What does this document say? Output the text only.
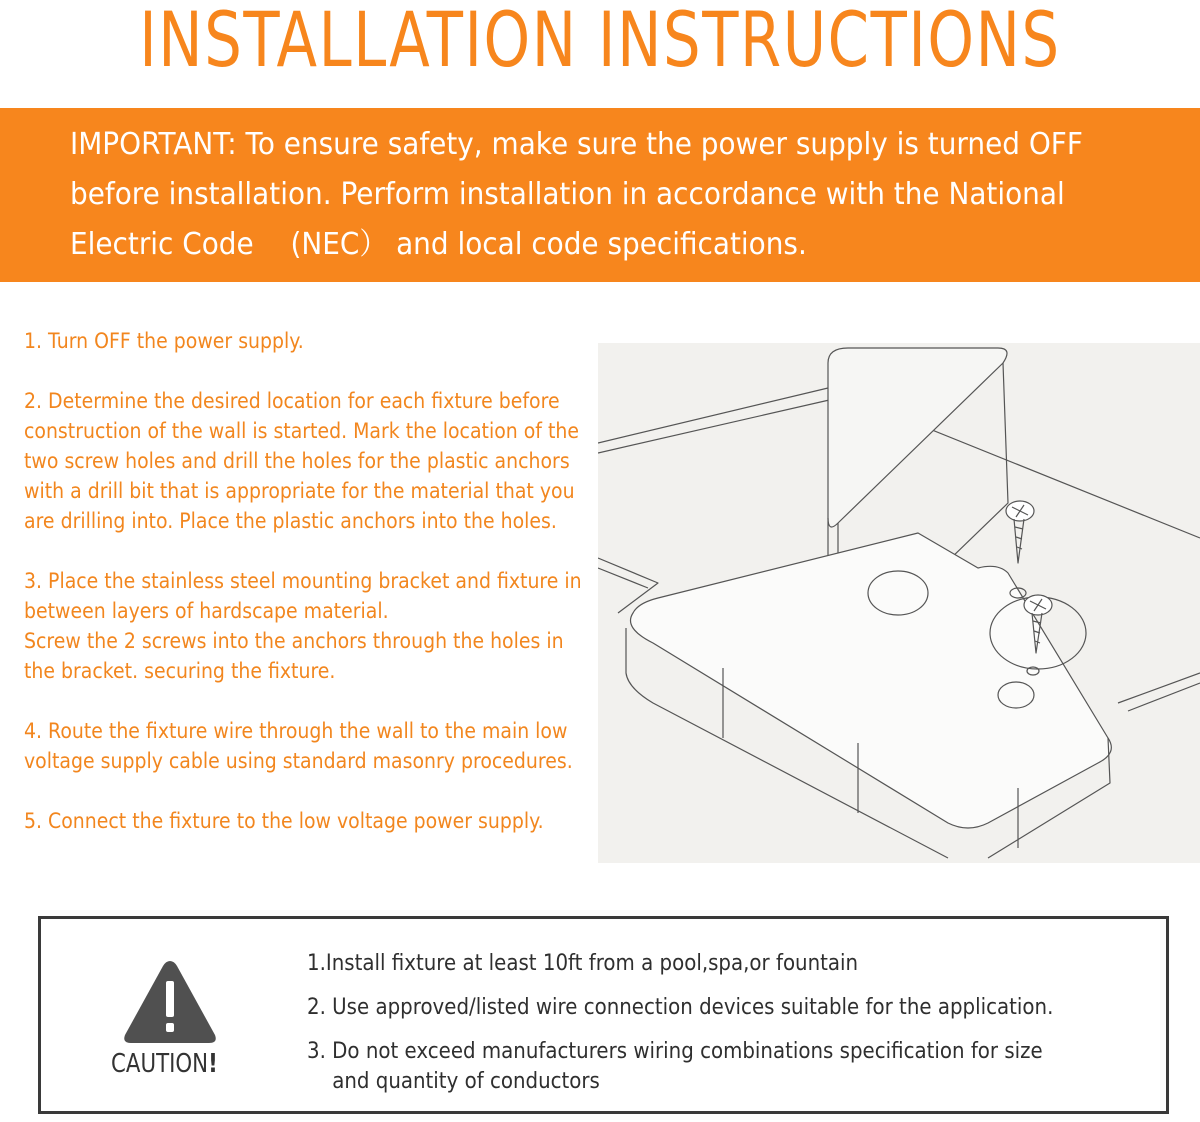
INSTALLATION INSTRUCTIONS
IMPORTANT: To ensure safety, make sure the power supply is turned OFF
before installation. Perform installation in accordance with the National
Electric Code 　(NEC） and local code specifications.

1. Turn OFF the power supply.

2. Determine the desired location for each fixture before construction of the wall is started. Mark the location of the two screw holes and drill the holes for the plastic anchors with a drill bit that is appropriate for the material that you are drilling into. Place the plastic anchors into the holes.

3. Place the stainless steel mounting bracket and fixture in between layers of hardscape material.
Screw the 2 screws into the anchors through the holes in the bracket. securing the fixture.

4. Route the fixture wire through the wall to the main low voltage supply cable using standard masonry procedures.

5. Connect the fixture to the low voltage power supply.

CAUTION!

1.Install fixture at least 10ft from a pool,spa,or fountain

2. Use approved/listed wire connection devices suitable for the application.

3. Do not exceed manufacturers wiring combinations specification for size
and quantity of conductors
